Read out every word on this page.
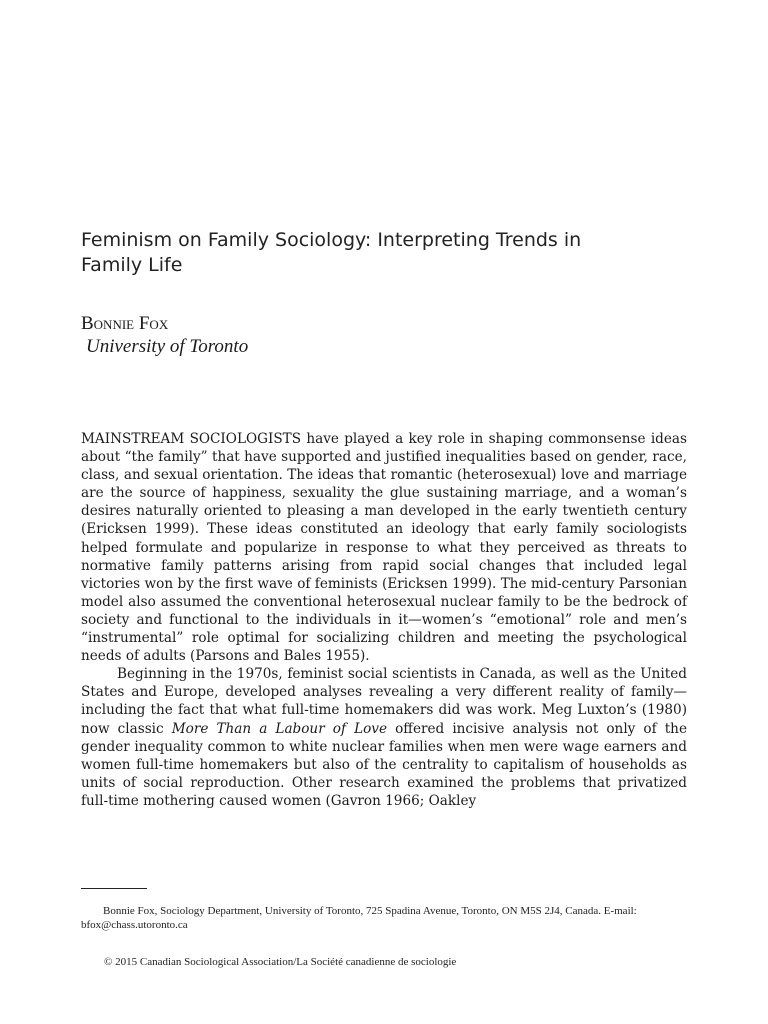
Feminism on Family Sociology: Interpreting Trends in Family Life

Bonnie Fox

University of Toronto

MAINSTREAM SOCIOLOGISTS have played a key role in shaping commonsense ideas about “the family” that have supported and justified inequalities based on gender, race, class, and sexual orientation. The ideas that romantic (heterosexual) love and marriage are the source of happiness, sexuality the glue sustaining marriage, and a woman’s desires naturally oriented to pleasing a man developed in the early twentieth century (Ericksen 1999). These ideas constituted an ideology that early family sociologists helped formulate and popularize in response to what they perceived as threats to normative family patterns arising from rapid social changes that included legal victories won by the first wave of feminists (Ericksen 1999). The mid-century Parsonian model also assumed the conventional heterosexual nuclear family to be the bedrock of society and functional to the individuals in it—women’s “emotional” role and men’s “instrumental” role optimal for socializing children and meeting the psychological needs of adults (Parsons and Bales 1955).

Beginning in the 1970s, feminist social scientists in Canada, as well as the United States and Europe, developed analyses revealing a very different reality of family—including the fact that what full-time homemakers did was work. Meg Luxton’s (1980) now classic More Than a Labour of Love offered incisive analysis not only of the gender inequality common to white nuclear families when men were wage earners and women full-time homemakers but also of the centrality to capitalism of households as units of social reproduction. Other research examined the problems that privatized full-time mothering caused women (Gavron 1966; Oakley

Bonnie Fox, Sociology Department, University of Toronto, 725 Spadina Avenue, Toronto, ON M5S 2J4, Canada. E-mail: bfox@chass.utoronto.ca

© 2015 Canadian Sociological Association/La Société canadienne de sociologie
